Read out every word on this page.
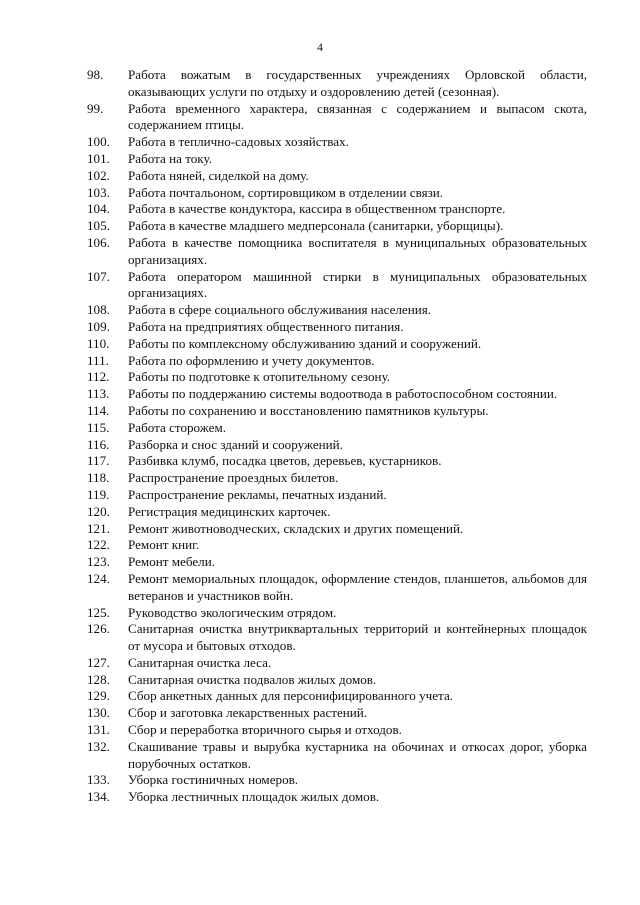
4
98. Работа вожатым в государственных учреждениях Орловской области, оказывающих услуги по отдыху и оздоровлению детей (сезонная).
99. Работа временного характера, связанная с содержанием и выпасом скота, содержанием птицы.
100. Работа в теплично-садовых хозяйствах.
101. Работа на току.
102. Работа няней, сиделкой на дому.
103. Работа почтальоном, сортировщиком в отделении связи.
104. Работа в качестве кондуктора, кассира в общественном транспорте.
105. Работа в качестве младшего медперсонала (санитарки, уборщицы).
106. Работа в качестве помощника воспитателя в муниципальных образовательных организациях.
107. Работа оператором машинной стирки в муниципальных образовательных организациях.
108. Работа в сфере социального обслуживания населения.
109. Работа на предприятиях общественного питания.
110. Работы по комплексному обслуживанию зданий и сооружений.
111. Работа по оформлению и учету документов.
112. Работы по подготовке к отопительному сезону.
113. Работы по поддержанию системы водоотвода в работоспособном состоянии.
114. Работы по сохранению и восстановлению памятников культуры.
115. Работа сторожем.
116. Разборка и снос зданий и сооружений.
117. Разбивка клумб, посадка цветов, деревьев, кустарников.
118. Распространение проездных билетов.
119. Распространение рекламы, печатных изданий.
120. Регистрация медицинских карточек.
121. Ремонт животноводческих, складских и других помещений.
122. Ремонт книг.
123. Ремонт мебели.
124. Ремонт мемориальных площадок, оформление стендов, планшетов, альбомов для ветеранов и участников войн.
125. Руководство экологическим отрядом.
126. Санитарная очистка внутриквартальных территорий и контейнерных площадок от мусора и бытовых отходов.
127. Санитарная очистка леса.
128. Санитарная очистка подвалов жилых домов.
129. Сбор анкетных данных для персонифицированного учета.
130. Сбор и заготовка лекарственных растений.
131. Сбор и переработка вторичного сырья и отходов.
132. Скашивание травы и вырубка кустарника на обочинах и откосах дорог, уборка порубочных остатков.
133. Уборка гостиничных номеров.
134. Уборка лестничных площадок жилых домов.
